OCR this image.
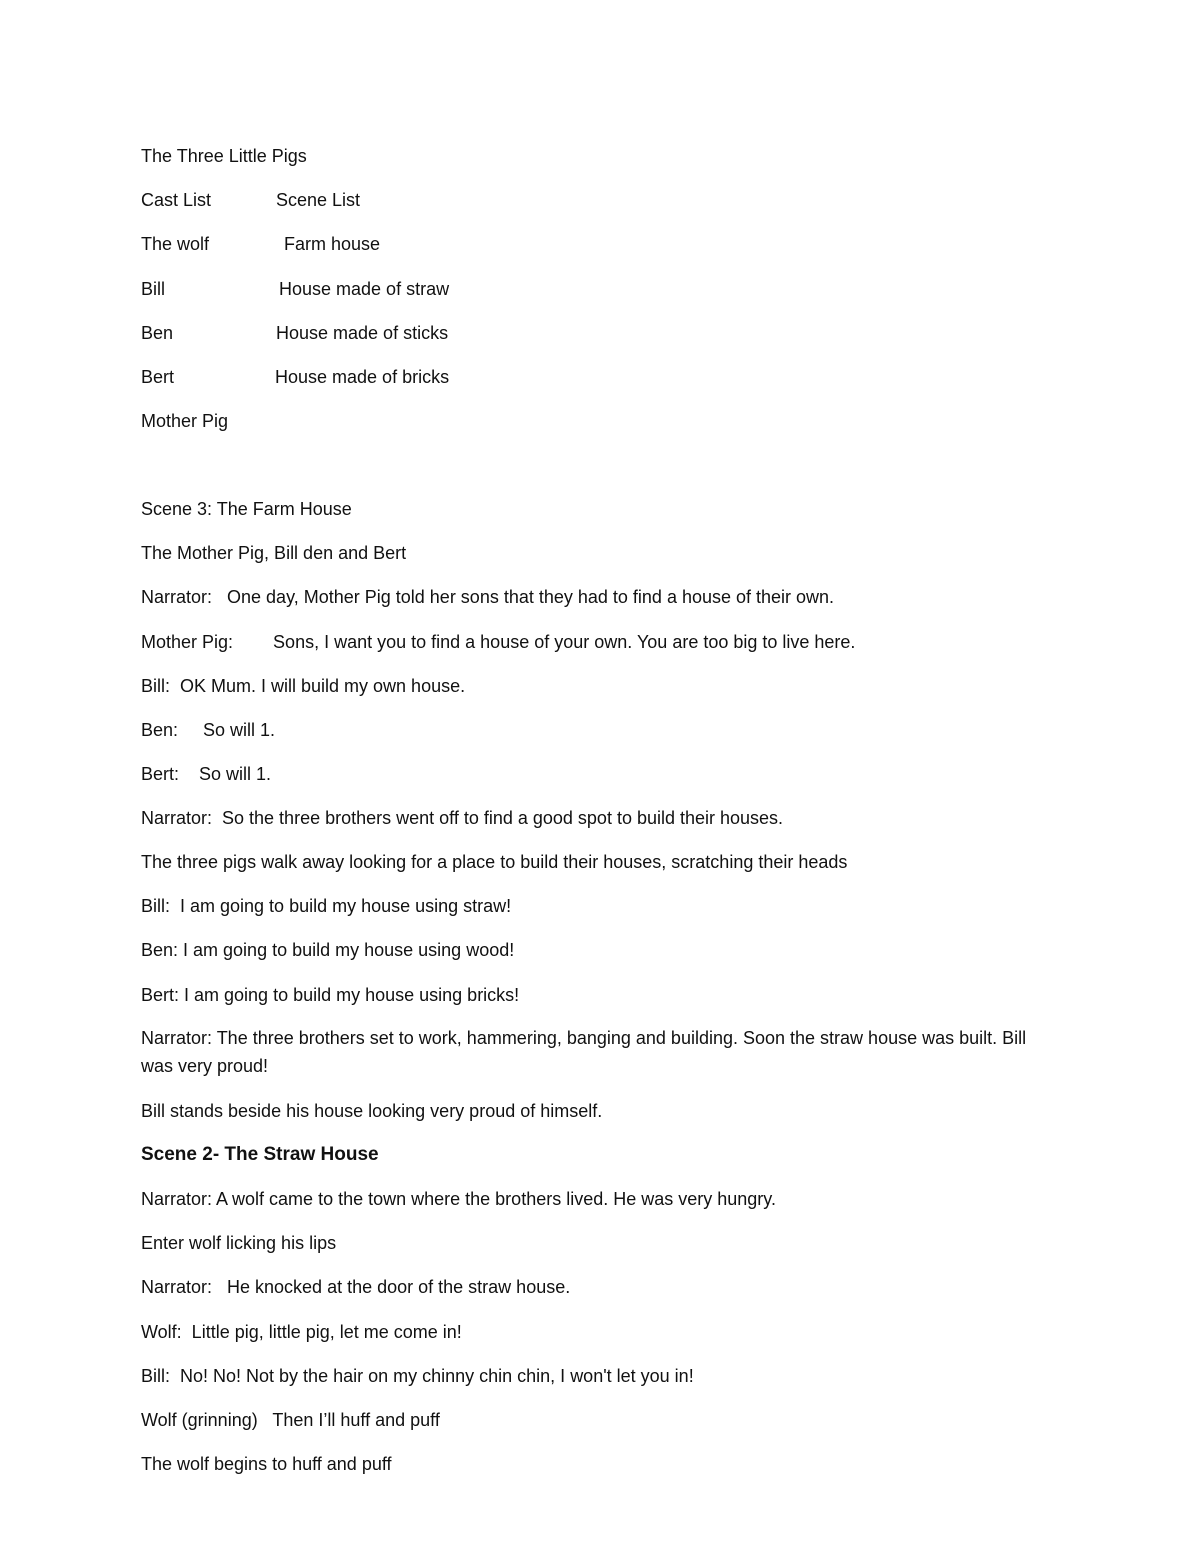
The Three Little Pigs
Cast List	Scene List
The wolf	Farm house
Bill	House made of straw
Ben	House made of sticks
Bert	House made of bricks
Mother Pig
Scene 3: The Farm House
The Mother Pig, Bill den and Bert
Narrator:   One day, Mother Pig told her sons that they had to find a house of their own.
Mother Pig:        Sons, I want you to find a house of your own. You are too big to live here.
Bill:  OK Mum. I will build my own house.
Ben:     So will 1.
Bert:    So will 1.
Narrator:  So the three brothers went off to find a good spot to build their houses.
The three pigs walk away looking for a place to build their houses, scratching their heads
Bill:  I am going to build my house using straw!
Ben: I am going to build my house using wood!
Bert: I am going to build my house using bricks!
Narrator: The three brothers set to work, hammering, banging and building. Soon the straw house was built. Bill was very proud!
Bill stands beside his house looking very proud of himself.
Scene 2- The Straw House
Narrator: A wolf came to the town where the brothers lived. He was very hungry.
Enter wolf licking his lips
Narrator:   He knocked at the door of the straw house.
Wolf:  Little pig, little pig, let me come in!
Bill:  No! No! Not by the hair on my chinny chin chin, I won't let you in!
Wolf (grinning)   Then I’ll huff and puff
The wolf begins to huff and puff
